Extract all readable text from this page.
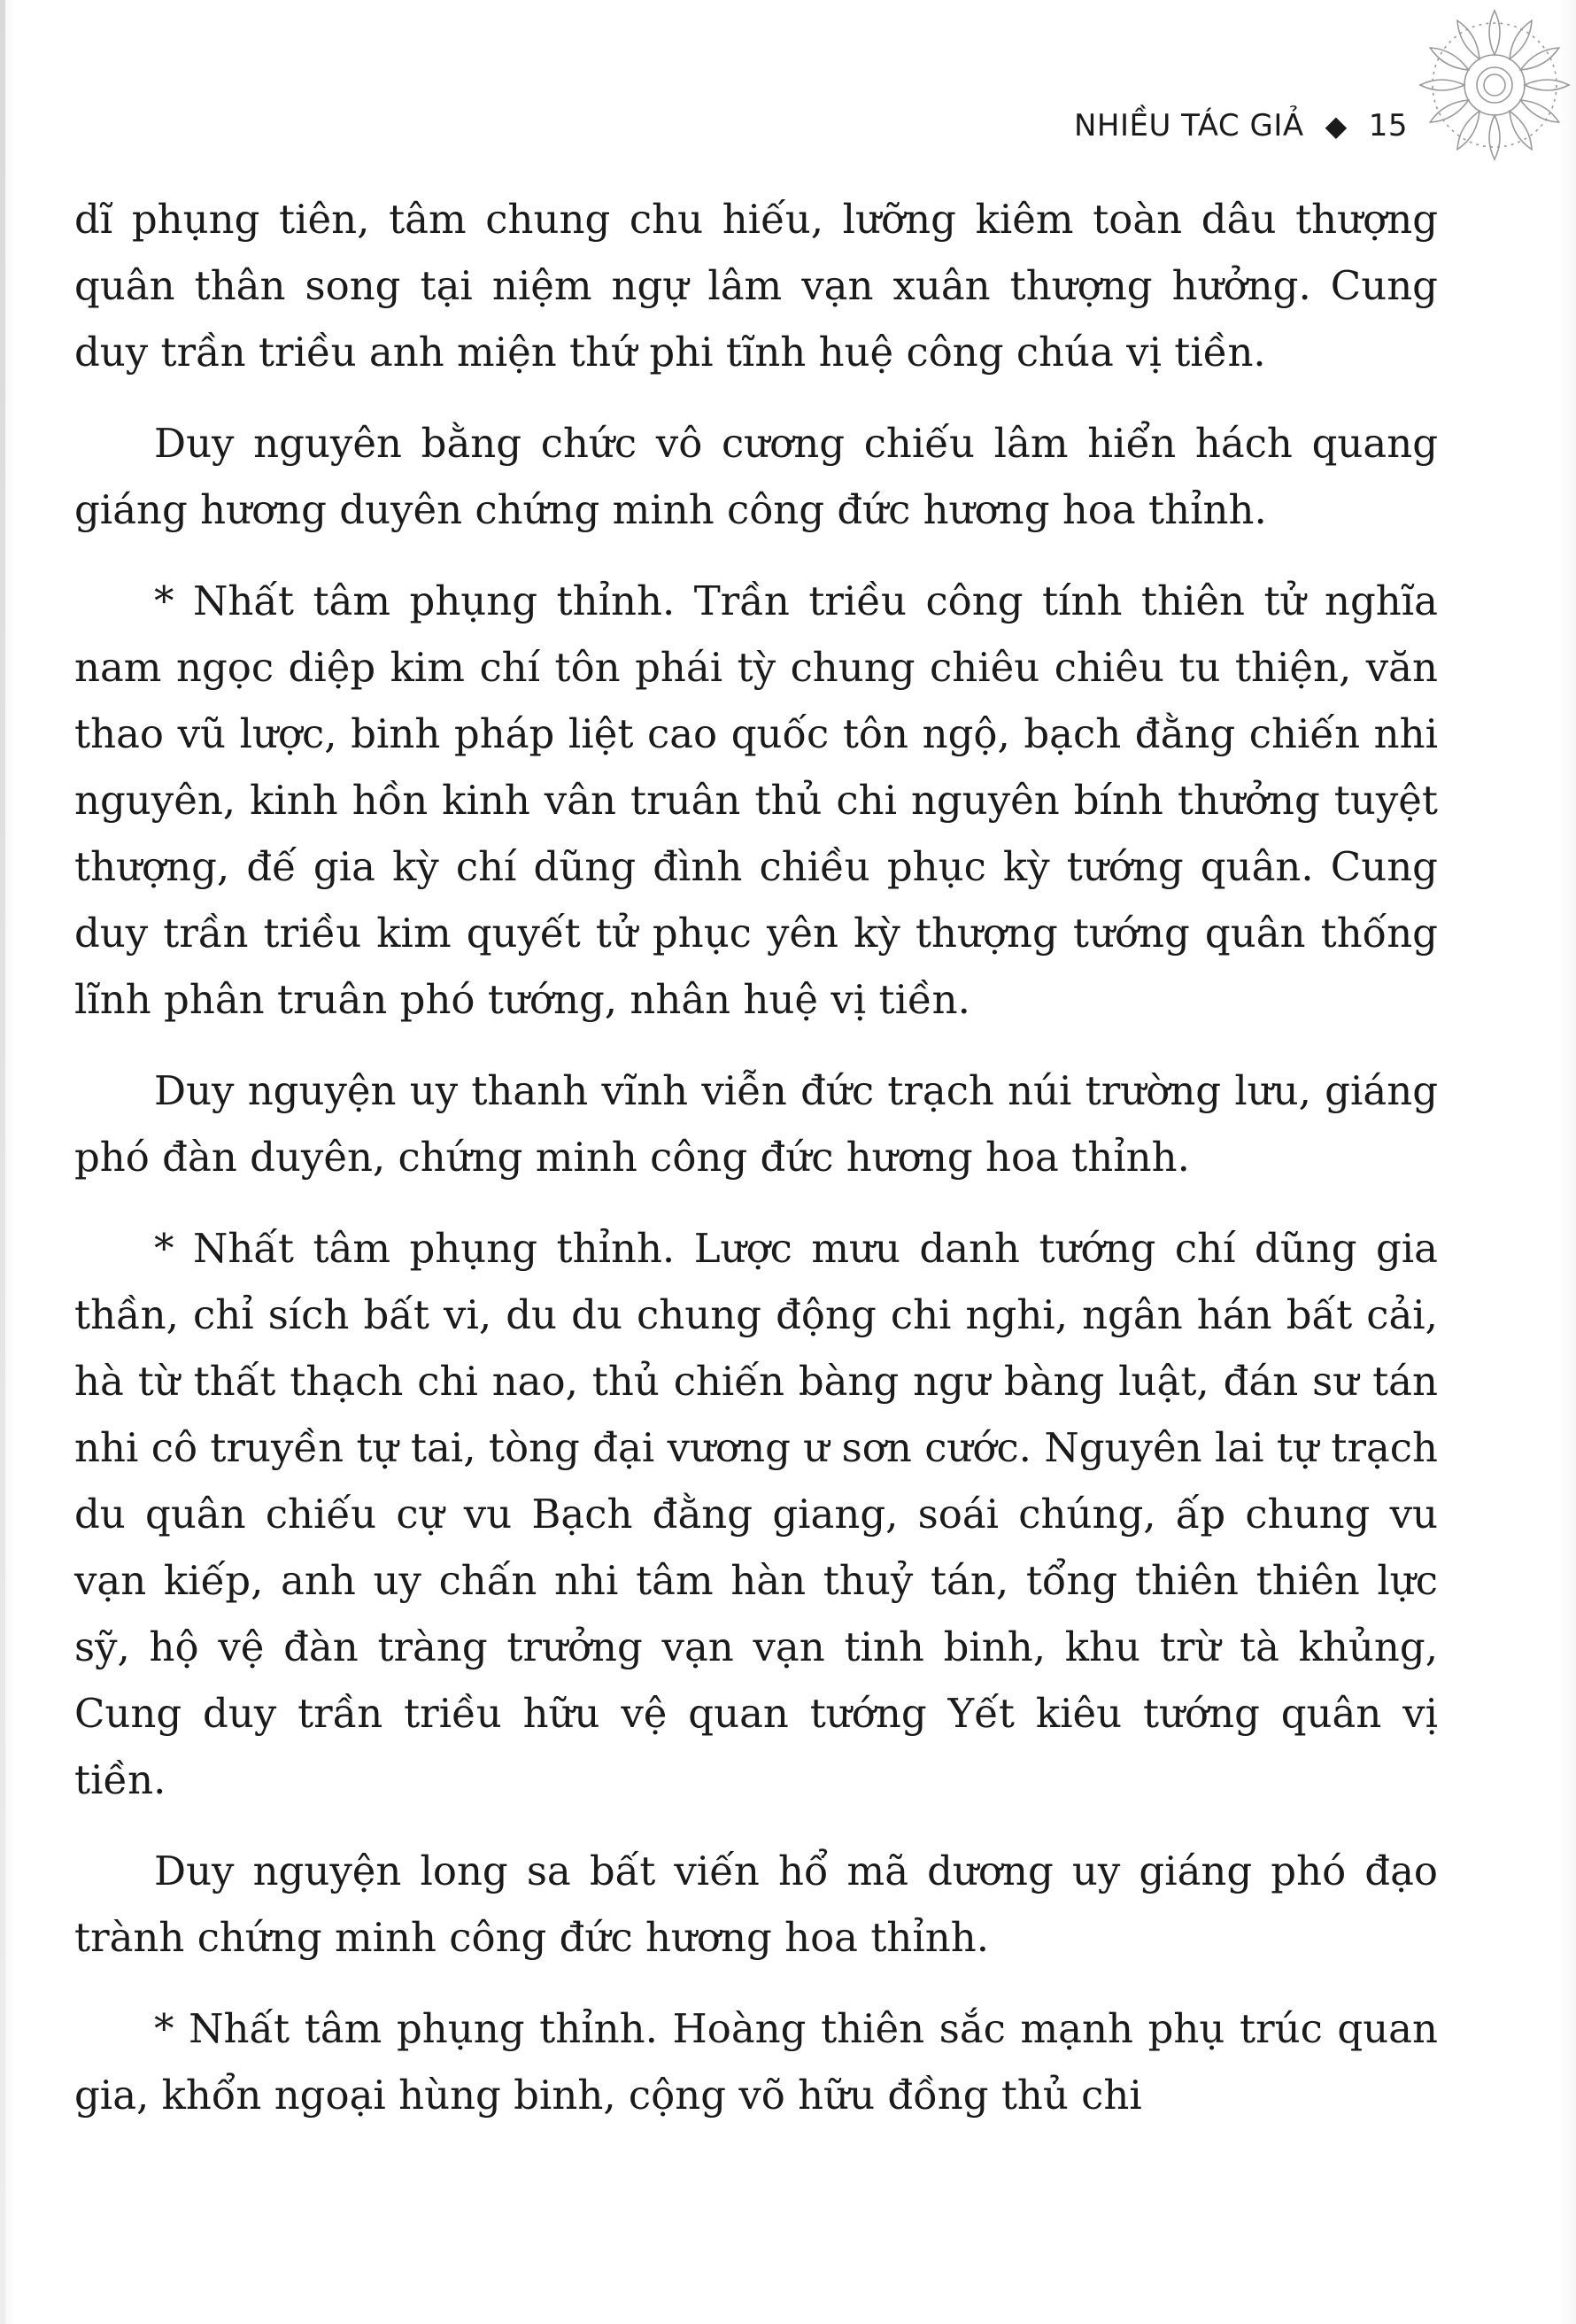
NHIỀU TÁC GIẢ ◆ 15

dĩ phụng tiên, tâm chung chu hiếu, lưỡng kiêm toàn dâu thượng quân thân song tại niệm ngự lâm vạn xuân thượng hưởng. Cung duy trần triều anh miện thứ phi tĩnh huệ công chúa vị tiền.

Duy nguyên bằng chức vô cương chiếu lâm hiển hách quang giáng hương duyên chứng minh công đức hương hoa thỉnh.

* Nhất tâm phụng thỉnh. Trần triều công tính thiên tử nghĩa nam ngọc diệp kim chí tôn phái tỳ chung chiêu chiêu tu thiện, văn thao vũ lược, binh pháp liệt cao quốc tôn ngộ, bạch đằng chiến nhi nguyên, kinh hồn kinh vân truân thủ chi nguyên bính thưởng tuyệt thượng, đế gia kỳ chí dũng đình chiều phục kỳ tướng quân. Cung duy trần triều kim quyết tử phục yên kỳ thượng tướng quân thống lĩnh phân truân phó tướng, nhân huệ vị tiền.

Duy nguyện uy thanh vĩnh viễn đức trạch núi trường lưu, giáng phó đàn duyên, chứng minh công đức hương hoa thỉnh.

* Nhất tâm phụng thỉnh. Lược mưu danh tướng chí dũng gia thần, chỉ sích bất vi, du du chung động chi nghi, ngân hán bất cải, hà từ thất thạch chi nao, thủ chiến bàng ngư bàng luật, đán sư tán nhi cô truyền tự tai, tòng đại vương ư sơn cước. Nguyên lai tự trạch du quân chiếu cự vu Bạch đằng giang, soái chúng, ấp chung vu vạn kiếp, anh uy chấn nhi tâm hàn thuỷ tán, tổng thiên thiên lực sỹ, hộ vệ đàn tràng trưởng vạn vạn tinh binh, khu trừ tà khủng, Cung duy trần triều hữu vệ quan tướng Yết kiêu tướng quân vị tiền.

Duy nguyện long sa bất viến hổ mã dương uy giáng phó đạo trành chứng minh công đức hương hoa thỉnh.

* Nhất tâm phụng thỉnh. Hoàng thiên sắc mạnh phụ trúc quan gia, khổn ngoại hùng binh, cộng võ hữu đồng thủ chi
